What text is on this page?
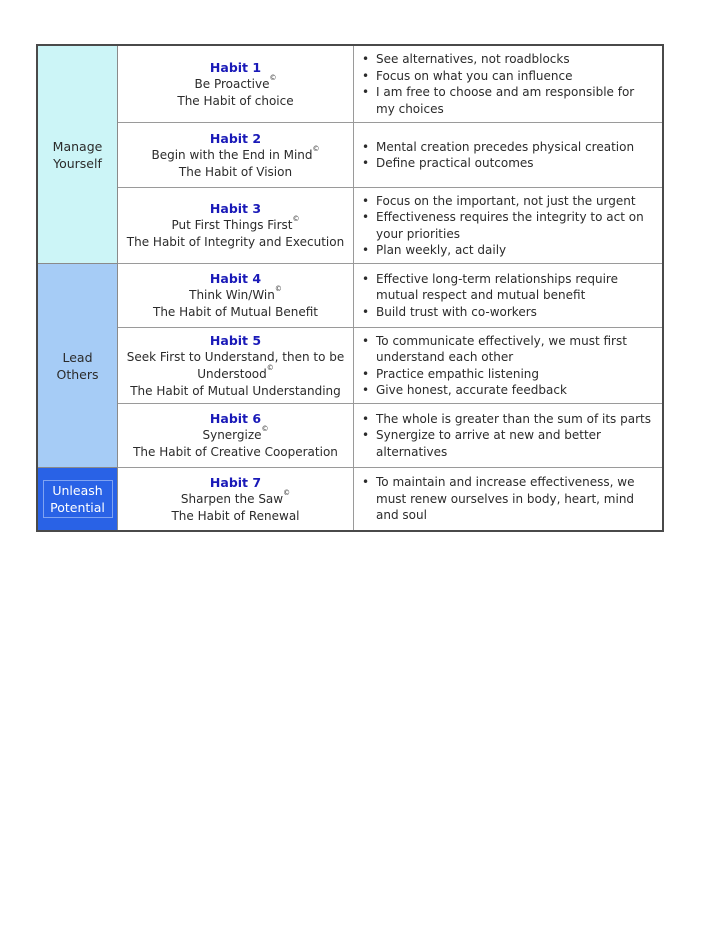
Manage
Yourself
Lead
Others
Unleash
Potential
Habit 1
Be Proactive©
The Habit of choice
• See alternatives, not roadblocks
• Focus on what you can influence
• I am free to choose and am responsible for my choices
Habit 2
Begin with the End in Mind©
The Habit of Vision
• Mental creation precedes physical creation
• Define practical outcomes
Habit 3
Put First Things First©
The Habit of Integrity and Execution
• Focus on the important, not just the urgent
• Effectiveness requires the integrity to act on your priorities
• Plan weekly, act daily
Habit 4
Think Win/Win©
The Habit of Mutual Benefit
• Effective long-term relationships require mutual respect and mutual benefit
• Build trust with co-workers
Habit 5
Seek First to Understand, then to be
Understood©
The Habit of Mutual Understanding
• To communicate effectively, we must first understand each other
• Practice empathic listening
• Give honest, accurate feedback
Habit 6
Synergize©
The Habit of Creative Cooperation
• The whole is greater than the sum of its parts
• Synergize to arrive at new and better alternatives
Habit 7
Sharpen the Saw©
The Habit of Renewal
• To maintain and increase effectiveness, we must renew ourselves in body, heart, mind and soul
